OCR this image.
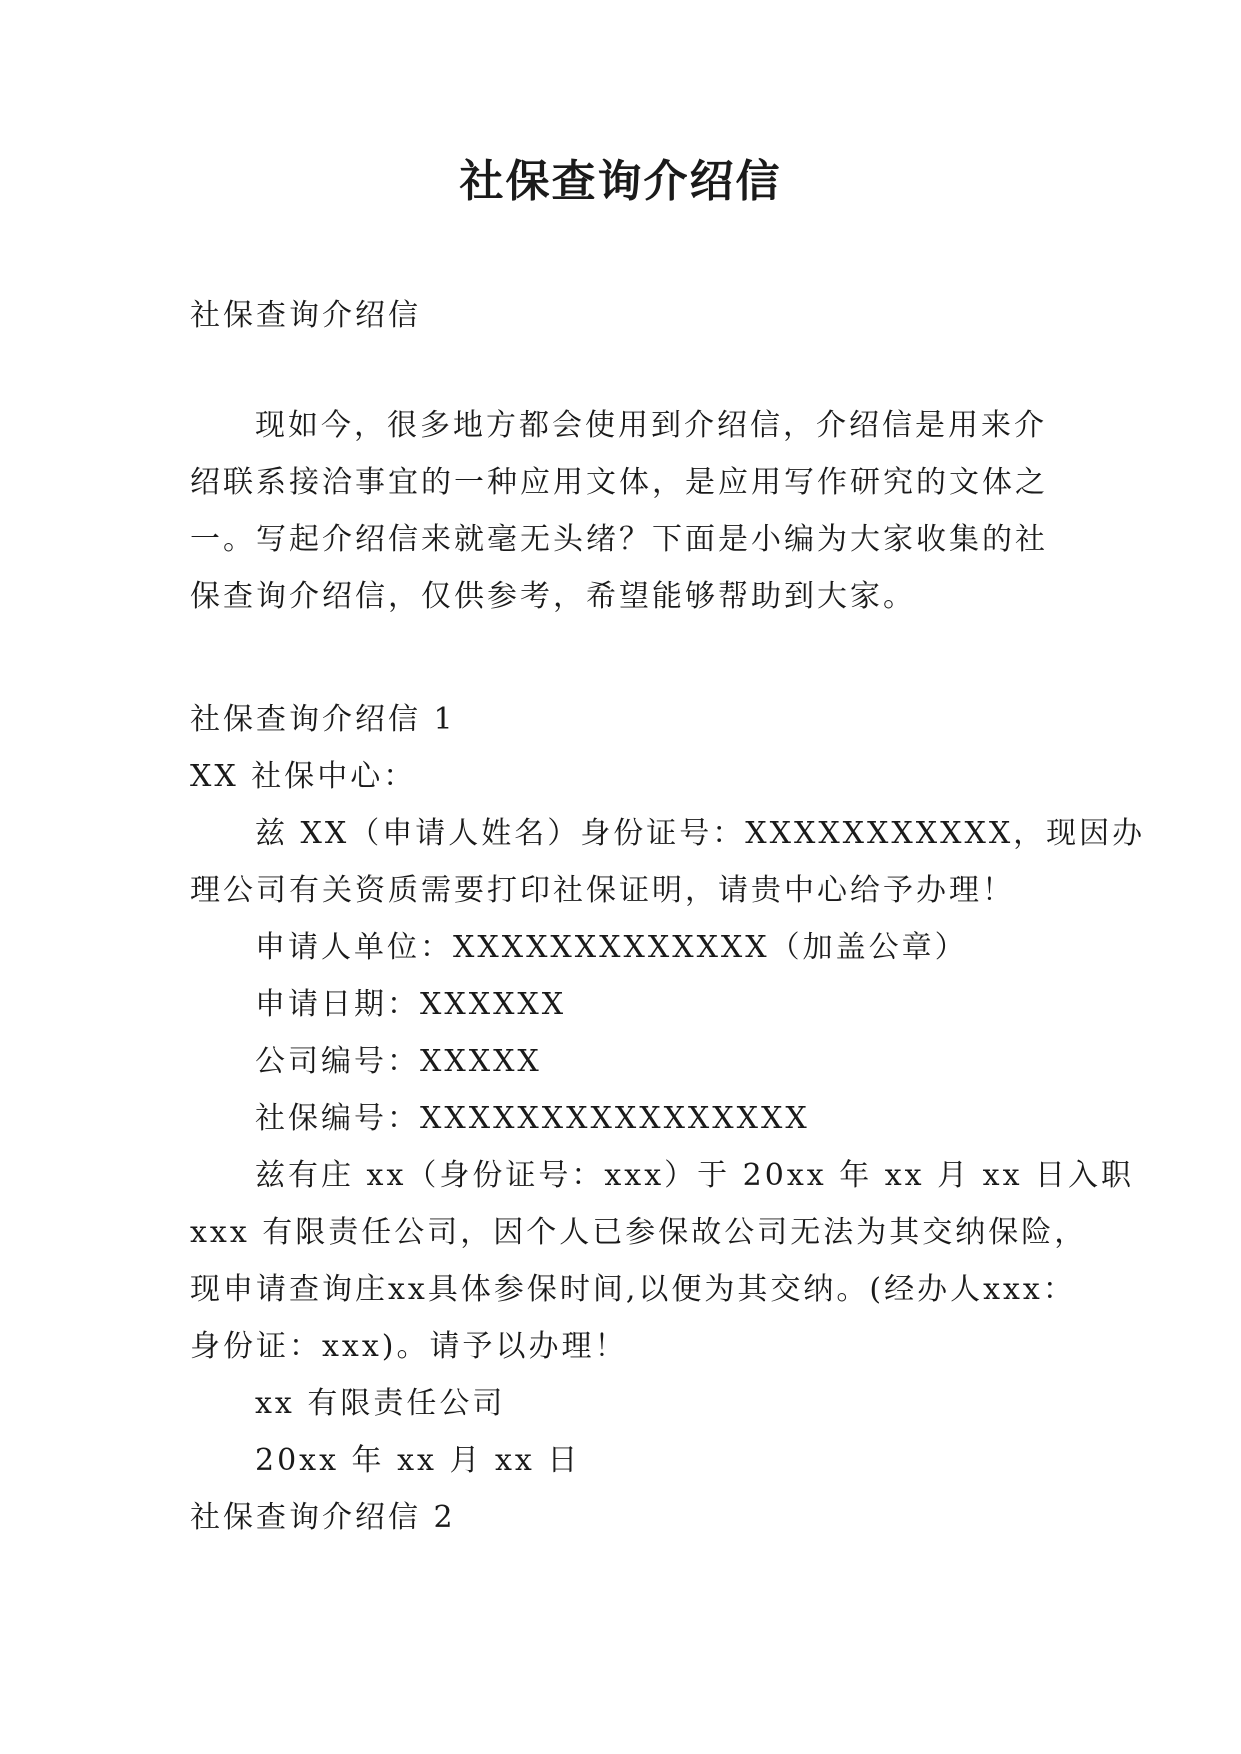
社保查询介绍信

社保查询介绍信

现如今，很多地方都会使用到介绍信，介绍信是用来介

绍联系接洽事宜的一种应用文体，是应用写作研究的文体之

一。写起介绍信来就毫无头绪？下面是小编为大家收集的社

保查询介绍信，仅供参考，希望能够帮助到大家。

社保查询介绍信 1

XX 社保中心：

兹 XX（申请人姓名）身份证号：XXXXXXXXXXX，现因办

理公司有关资质需要打印社保证明，请贵中心给予办理！

申请人单位：XXXXXXXXXXXXX（加盖公章）

申请日期：XXXXXX

公司编号：XXXXX

社保编号：XXXXXXXXXXXXXXXX

兹有庄 xx（身份证号：xxx）于 20xx 年 xx 月 xx 日入职

xxx 有限责任公司，因个人已参保故公司无法为其交纳保险，

现申请查询庄xx具体参保时间,以便为其交纳。(经办人xxx：

身份证：xxx)。请予以办理！

xx 有限责任公司

20xx 年 xx 月 xx 日

社保查询介绍信 2
